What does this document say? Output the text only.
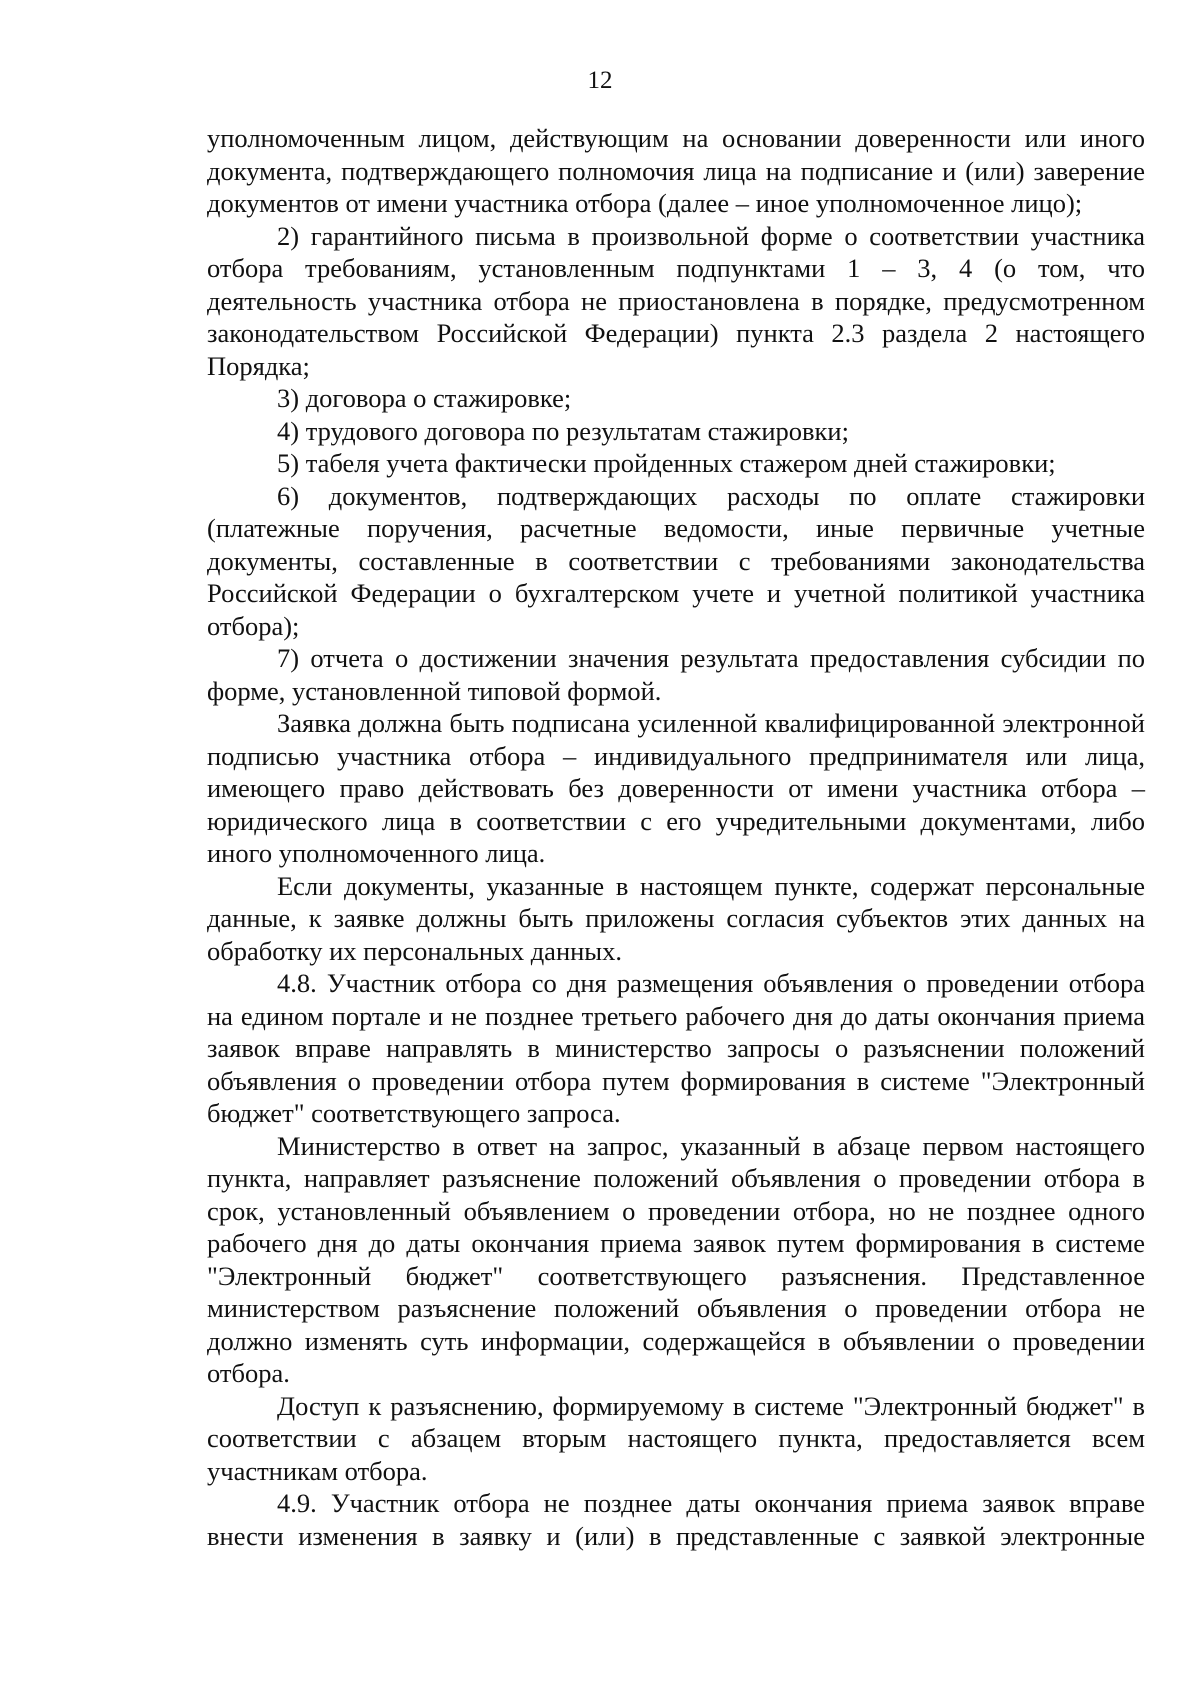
12

уполномоченным лицом, действующим на основании доверенности или иного документа, подтверждающего полномочия лица на подписание и (или) заверение документов от имени участника отбора (далее – иное уполномоченное лицо);

2) гарантийного письма в произвольной форме о соответствии участника отбора требованиям, установленным подпунктами 1 – 3, 4 (о том, что деятельность участника отбора не приостановлена в порядке, предусмотренном законодательством Российской Федерации) пункта 2.3 раздела 2 настоящего Порядка;

3) договора о стажировке;

4) трудового договора по результатам стажировки;

5) табеля учета фактически пройденных стажером дней стажировки;

6) документов, подтверждающих расходы по оплате стажировки (платежные поручения, расчетные ведомости, иные первичные учетные документы, составленные в соответствии с требованиями законодательства Российской Федерации о бухгалтерском учете и учетной политикой участника отбора);

7) отчета о достижении значения результата предоставления субсидии по форме, установленной типовой формой.

Заявка должна быть подписана усиленной квалифицированной электронной подписью участника отбора – индивидуального предпринимателя или лица, имеющего право действовать без доверенности от имени участника отбора – юридического лица в соответствии с его учредительными документами, либо иного уполномоченного лица.

Если документы, указанные в настоящем пункте, содержат персональные данные, к заявке должны быть приложены согласия субъектов этих данных на обработку их персональных данных.

4.8. Участник отбора со дня размещения объявления о проведении отбора на едином портале и не позднее третьего рабочего дня до даты окончания приема заявок вправе направлять в министерство запросы о разъяснении положений объявления о проведении отбора путем формирования в системе "Электронный бюджет" соответствующего запроса.

Министерство в ответ на запрос, указанный в абзаце первом настоящего пункта, направляет разъяснение положений объявления о проведении отбора в срок, установленный объявлением о проведении отбора, но не позднее одного рабочего дня до даты окончания приема заявок путем формирования в системе "Электронный бюджет" соответствующего разъяснения. Представленное министерством разъяснение положений объявления о проведении отбора не должно изменять суть информации, содержащейся в объявлении о проведении отбора.

Доступ к разъяснению, формируемому в системе "Электронный бюджет" в соответствии с абзацем вторым настоящего пункта, предоставляется всем участникам отбора.

4.9. Участник отбора не позднее даты окончания приема заявок вправе внести изменения в заявку и (или) в представленные с заявкой электронные
